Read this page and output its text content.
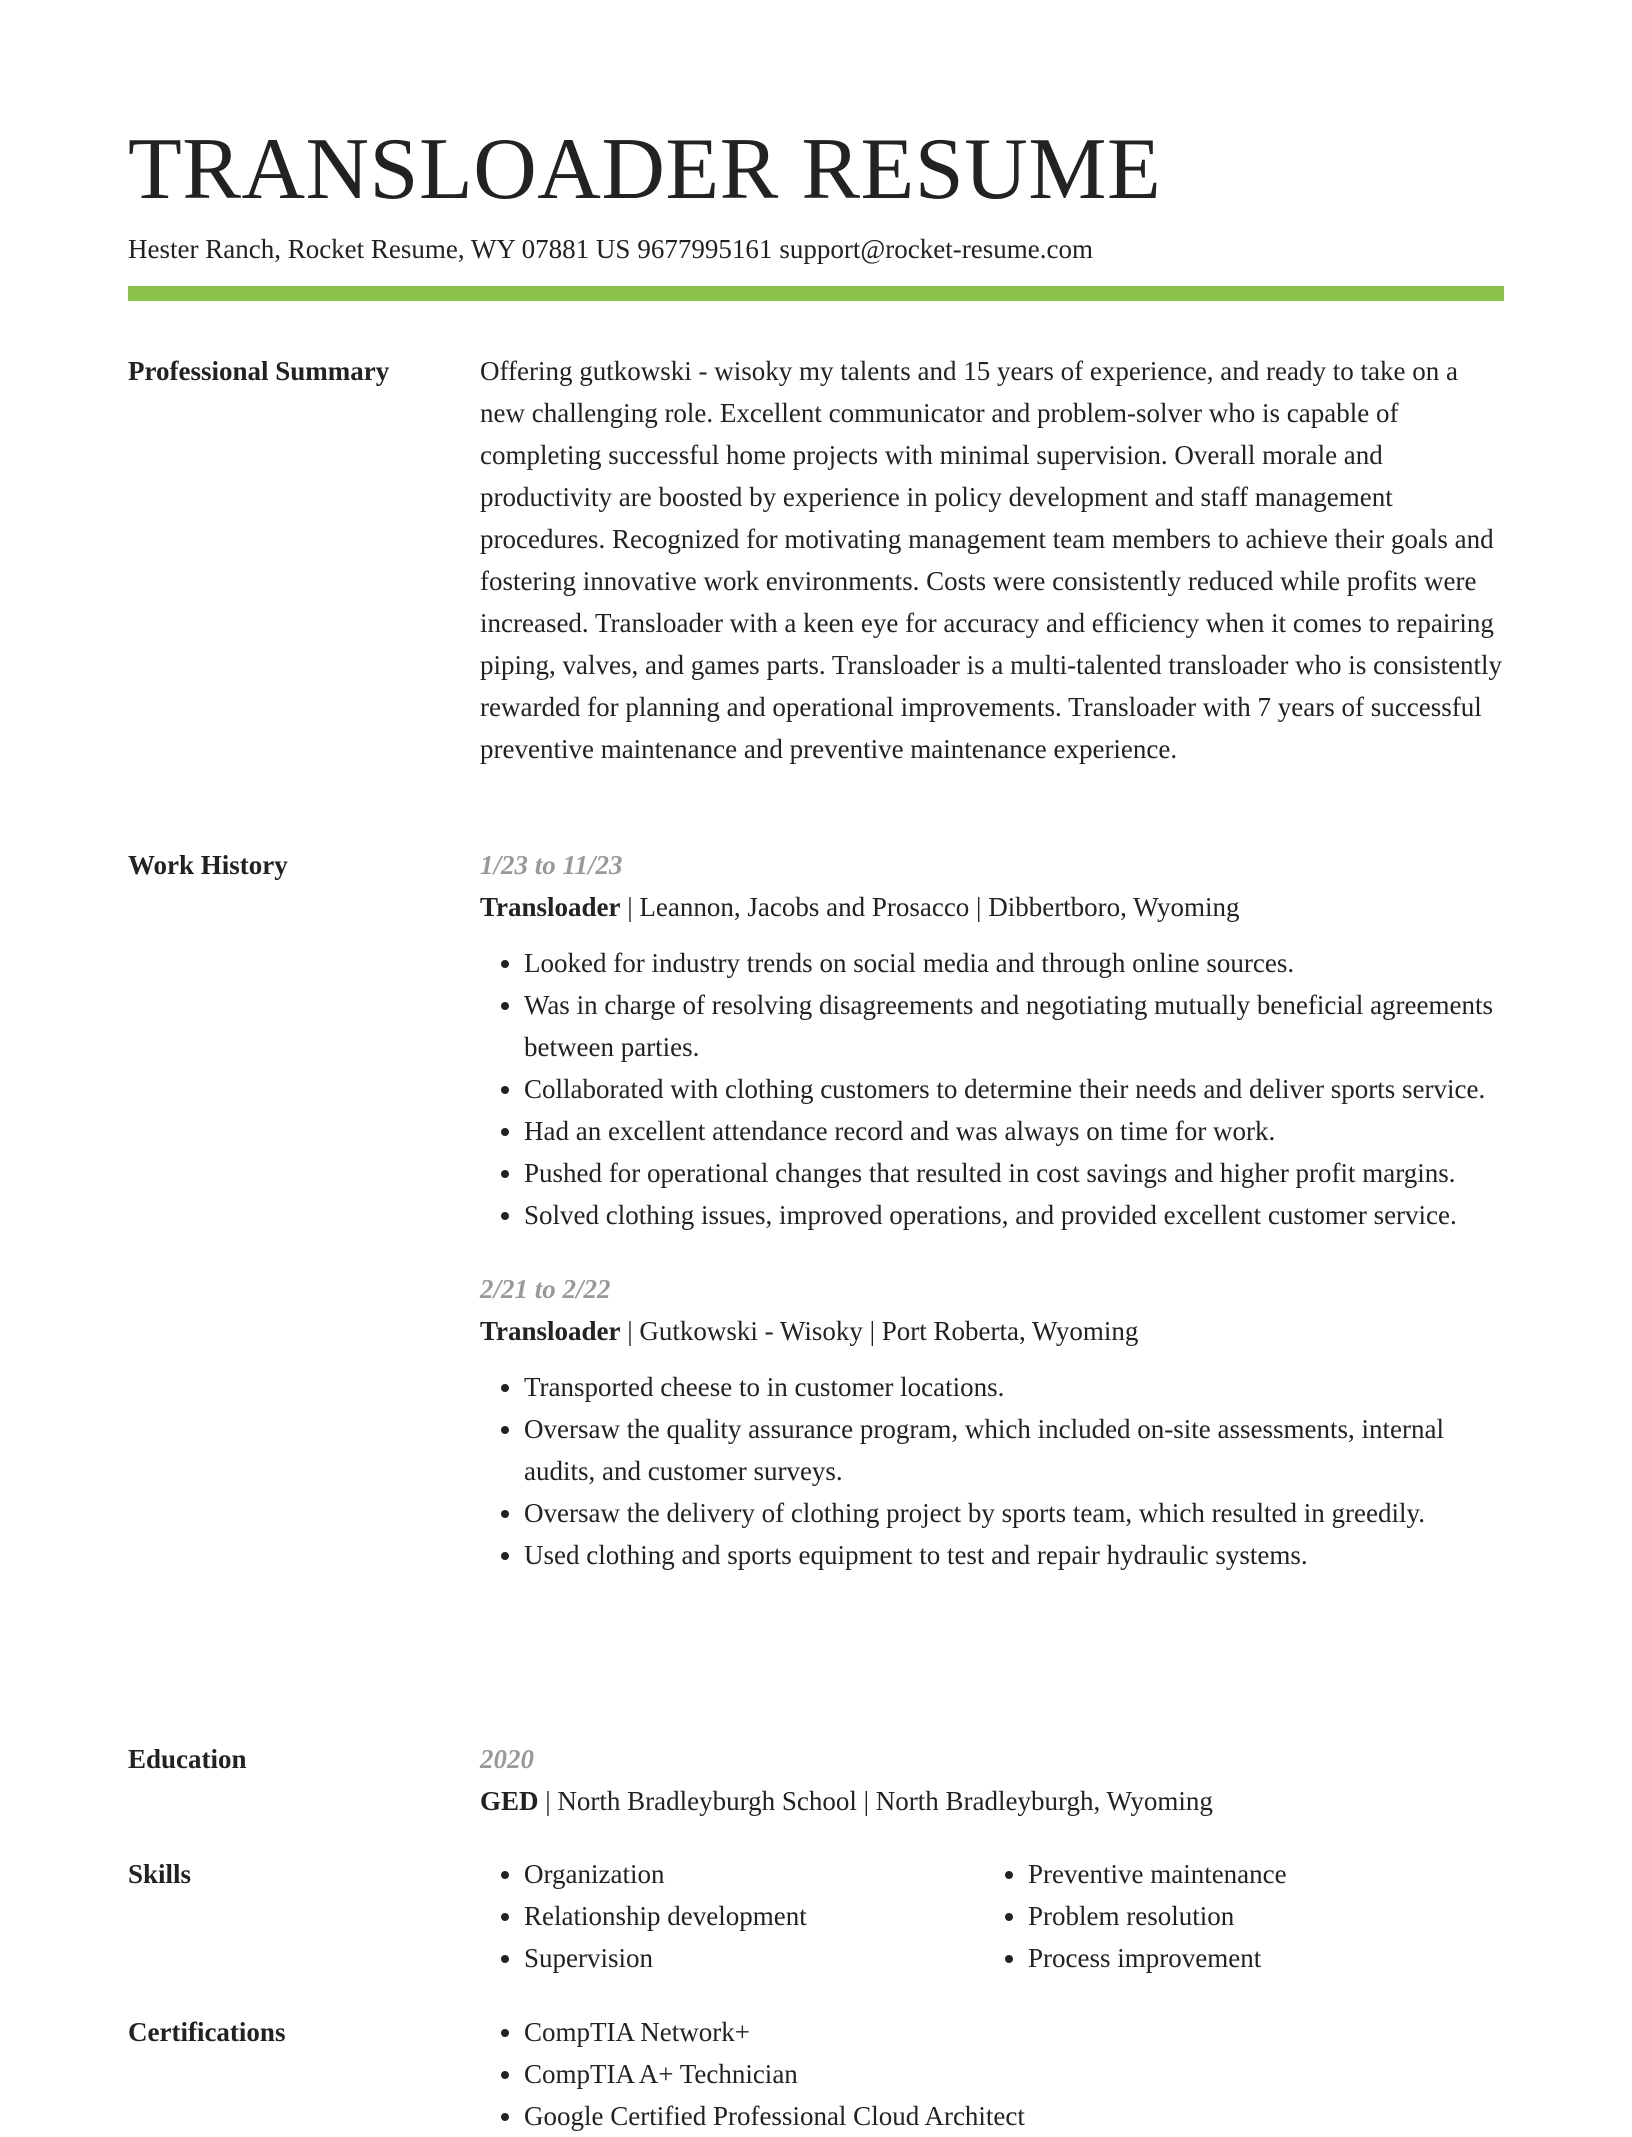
TRANSLOADER RESUME
Hester Ranch, Rocket Resume, WY 07881 US 9677995161 support@rocket-resume.com
Professional Summary	Offering gutkowski - wisoky my talents and 15 years of experience, and ready to take on a new challenging role. Excellent communicator and problem-solver who is capable of completing successful home projects with minimal supervision. Overall morale and productivity are boosted by experience in policy development and staff management procedures. Recognized for motivating management team members to achieve their goals and fostering innovative work environments. Costs were consistently reduced while profits were increased. Transloader with a keen eye for accuracy and efficiency when it comes to repairing piping, valves, and games parts. Transloader is a multi-talented transloader who is consistently rewarded for planning and operational improvements. Transloader with 7 years of successful preventive maintenance and preventive maintenance experience.

Work History	1/23 to 11/23

Transloader | Leannon, Jacobs and Prosacco | Dibbertboro, Wyoming

• Looked for industry trends on social media and through online sources.
• Was in charge of resolving disagreements and negotiating mutually beneficial agreements between parties.
• Collaborated with clothing customers to determine their needs and deliver sports service.
• Had an excellent attendance record and was always on time for work.
• Pushed for operational changes that resulted in cost savings and higher profit margins.
• Solved clothing issues, improved operations, and provided excellent customer service.

2/21 to 2/22

Transloader | Gutkowski - Wisoky | Port Roberta, Wyoming

• Transported cheese to in customer locations.
• Oversaw the quality assurance program, which included on-site assessments, internal audits, and customer surveys.
• Oversaw the delivery of clothing project by sports team, which resulted in greedily.
• Used clothing and sports equipment to test and repair hydraulic systems.
Education	2020

GED | North Bradleyburgh School | North Bradleyburgh, Wyoming

Skills	• Organization
• Relationship development
• Supervision
• Preventive maintenance
• Problem resolution
• Process improvement
Certifications	• CompTIA Network+
• CompTIA A+ Technician
• Google Certified Professional Cloud Architect
